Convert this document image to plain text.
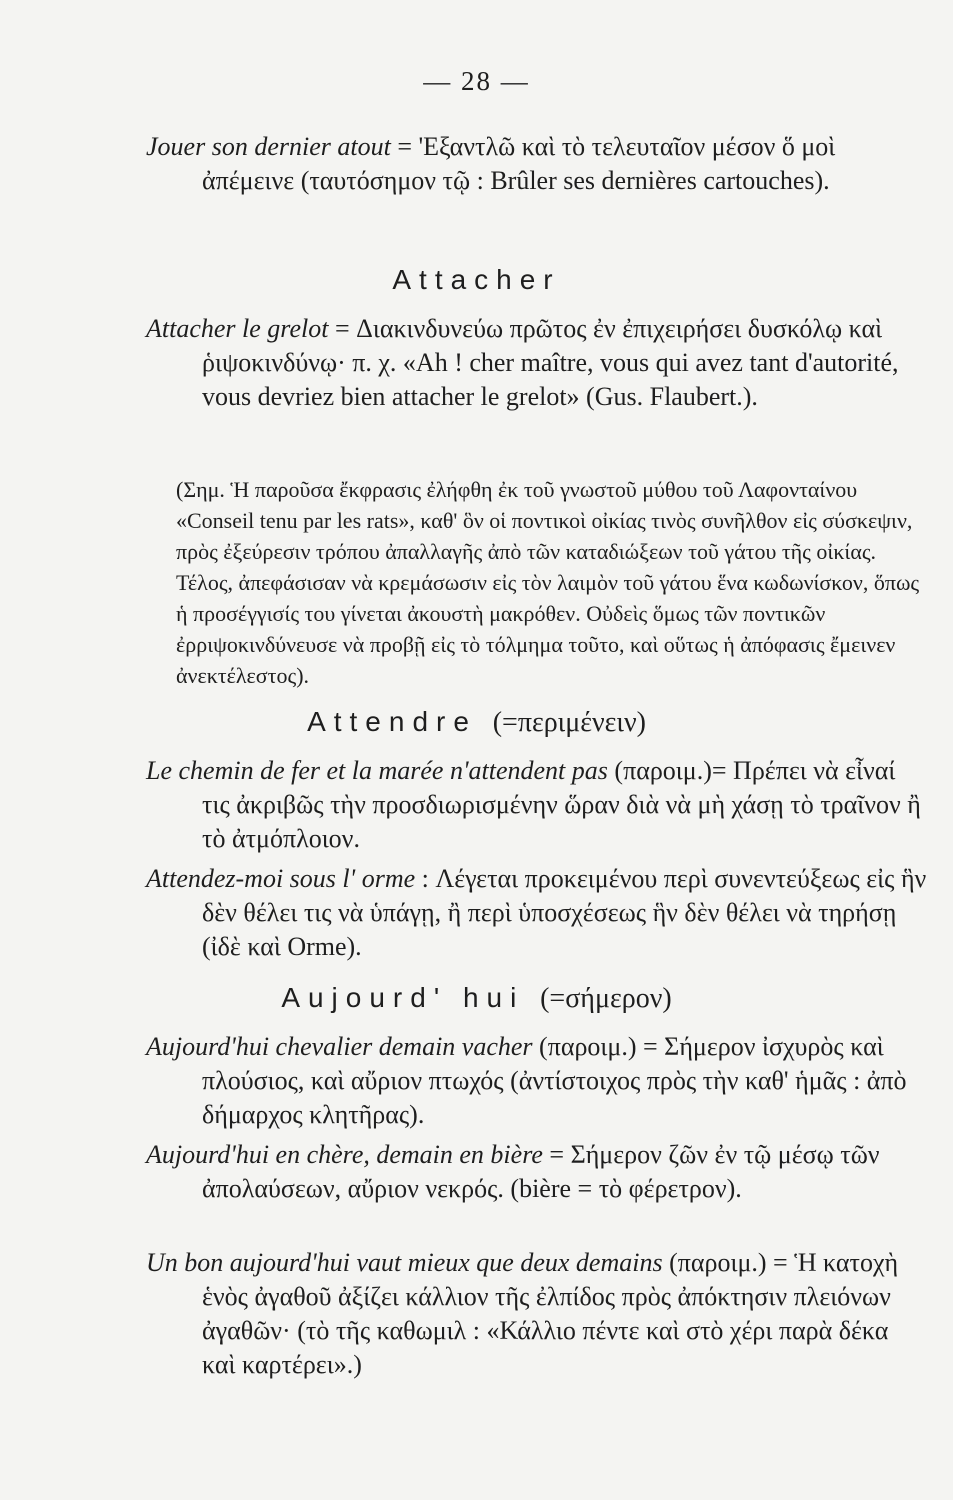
— 28 —

Jouer son dernier atout = 'Εξαντλῶ καὶ τὸ τελευταῖον μέσον ὅ μοὶ ἀπέμεινε (ταυτόσημον τῷ : Brûler ses dernières cartouches).

Attacher

Attacher le grelot = Διακινδυνεύω πρῶτος ἐν ἐπιχειρήσει δυσκόλῳ καὶ ῥιψοκινδύνῳ· π. χ. «Ah ! cher maître, vous qui avez tant d'autorité, vous devriez bien attacher le grelot» (Gus. Flaubert.).

(Σημ. Ἡ παροῦσα ἔκφρασις ἐλήφθη ἐκ τοῦ γνωστοῦ μύθου τοῦ Λαφονταίνου «Conseil tenu par les rats», καθ' ὃν οἱ ποντικοὶ οἰκίας τινὸς συνῆλθον εἰς σύσκεψιν, πρὸς ἐξεύρεσιν τρόπου ἀπαλλαγῆς ἀπὸ τῶν καταδιώξεων τοῦ γάτου τῆς οἰκίας. Τέλος, ἀπεφάσισαν νὰ κρεμάσωσιν εἰς τὸν λαιμὸν τοῦ γάτου ἕνα κωδωνίσκον, ὅπως ἡ προσέγγισίς του γίνεται ἀκουστὴ μακρόθεν. Οὐδεὶς ὅμως τῶν ποντικῶν ἐρριψοκινδύνευσε νὰ προβῇ εἰς τὸ τόλμημα τοῦτο, καὶ οὕτως ἡ ἀπόφασις ἔμεινεν ἀνεκτέλεστος).

Attendre (=περιμένειν)

Le chemin de fer et la marée n'attendent pas (παροιμ.)= Πρέπει νὰ εἶναί τις ἀκριβῶς τὴν προσδιωρισμένην ὥραν διὰ νὰ μὴ χάσῃ τὸ τραῖνον ἢ τὸ ἀτμόπλοιον.

Attendez-moi sous l' orme : Λέγεται προκειμένου περὶ συνεντεύξεως εἰς ἣν δὲν θέλει τις νὰ ὑπάγῃ, ἢ περὶ ὑποσχέσεως ἣν δὲν θέλει νὰ τηρήσῃ (ἰδὲ καὶ Orme).

Aujourd' hui (=σήμερον)

Aujourd'hui chevalier demain vacher (παροιμ.) = Σήμερον ἰσχυρὸς καὶ πλούσιος, καὶ αὔριον πτωχός (ἀντίστοιχος πρὸς τὴν καθ' ἡμᾶς : ἀπὸ δήμαρχος κλητῆρας).

Aujourd'hui en chère, demain en bière = Σήμερον ζῶν ἐν τῷ μέσῳ τῶν ἀπολαύσεων, αὔριον νεκρός. (bière = τὸ φέρετρον).

Un bon aujourd'hui vaut mieux que deux demains (παροιμ.) = Ἡ κατοχὴ ἑνὸς ἀγαθοῦ ἀξίζει κάλλιον τῆς ἐλπίδος πρὸς ἀπόκτησιν πλειόνων ἀγαθῶν· (τὸ τῆς καθωμιλ : «Κάλλιο πέντε καὶ στὸ χέρι παρὰ δέκα καὶ καρτέρει».)
